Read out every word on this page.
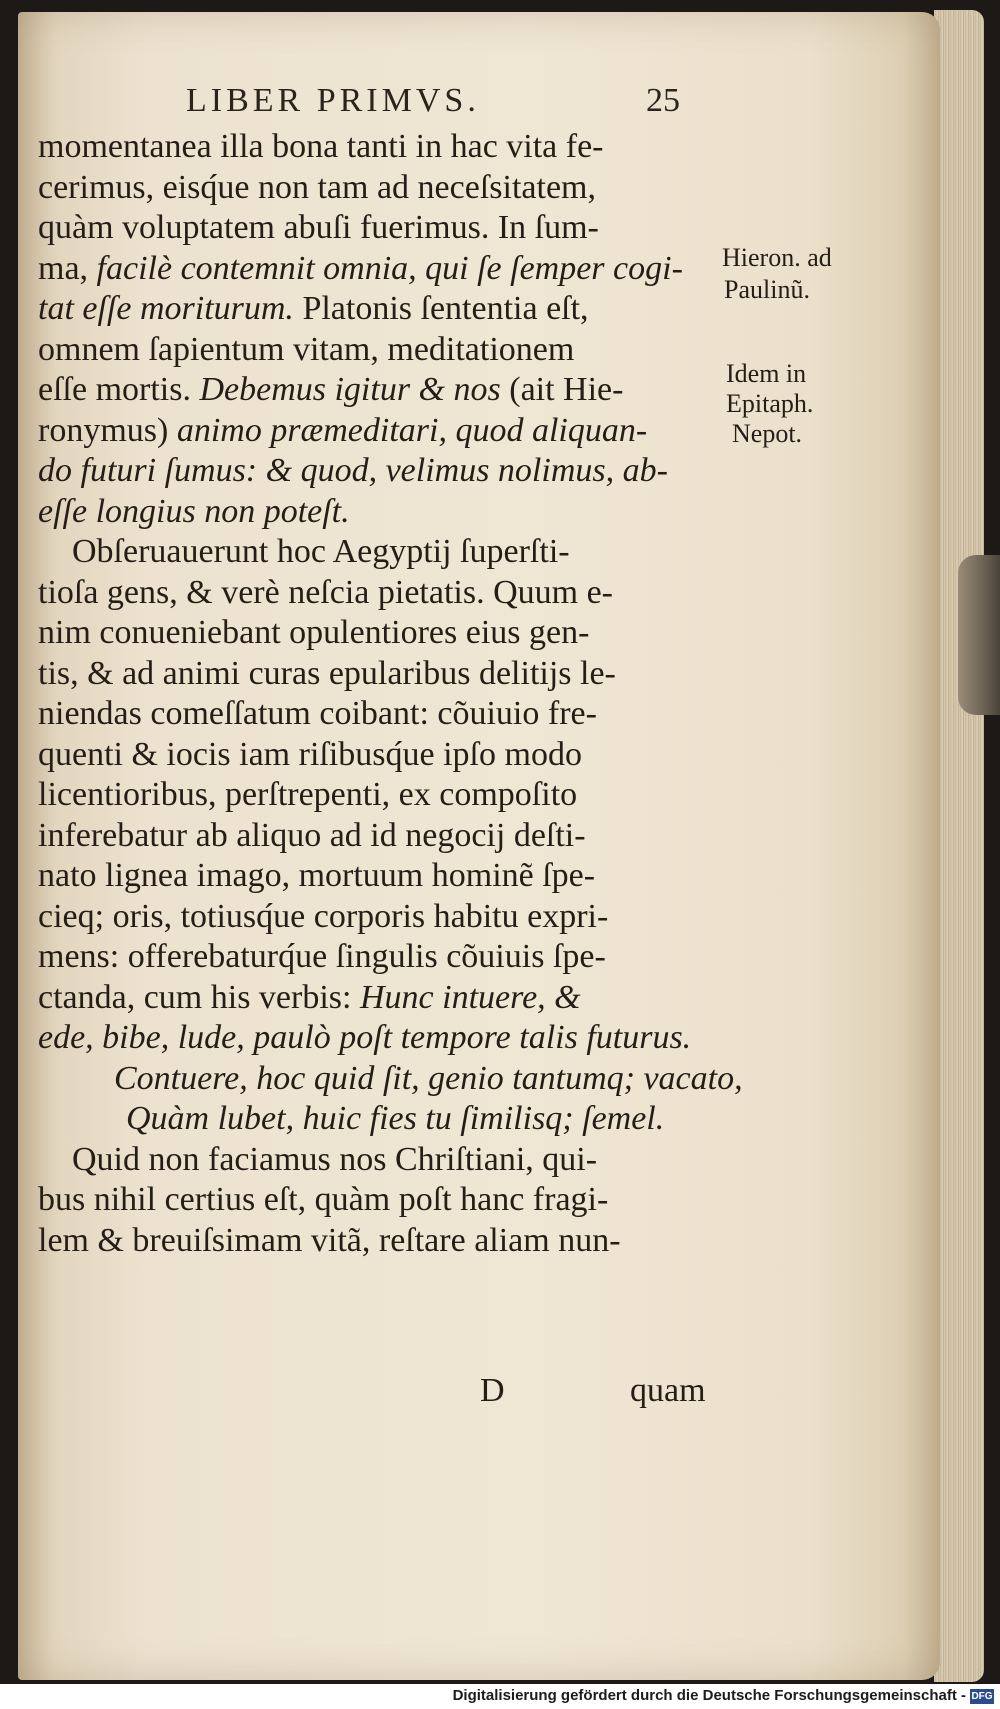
LIBER PRIMVS.	25
momentanea illa bona tanti in hac vita fe-
cerimus, eisq́ue non tam ad neceſsitatem,
quàm voluptatem abuſi fuerimus. In ſum-
ma, facilè contemnit omnia, qui ſe ſemper cogi-
tat eſſe moriturum. Platonis ſententia eſt,
omnem ſapientum vitam, meditationem
eſſe mortis. Debemus igitur & nos (ait Hie-
ronymus) animo præmeditari, quod aliquan-
do futuri ſumus: & quod, velimus nolimus, ab-
eſſe longius non poteſt.
Obſeruauerunt hoc Aegyptij ſuperſti-
tioſa gens, & verè neſcia pietatis. Quum e-
nim conueniebant opulentiores eius gen-
tis, & ad animi curas epularibus delitijs le-
niendas comeſſatum coibant: cõuiuio fre-
quenti & iocis iam riſibusq́ue ipſo modo
licentioribus, perſtrepenti, ex compoſito
inferebatur ab aliquo ad id negocij deſti-
nato lignea imago, mortuum hominẽ ſpe-
cieq; oris, totiusq́ue corporis habitu expri-
mens: offerebaturq́ue ſingulis cõuiuis ſpe-
ctanda, cum his verbis: Hunc intuere, &
ede, bibe, lude, paulò poſt tempore talis futurus.
Contuere, hoc quid ſit, genio tantumq; vacato,
Quàm lubet, huic fies tu ſimilisq; ſemel.
Quid non faciamus nos Chriſtiani, qui-
bus nihil certius eſt, quàm poſt hanc fragi-
lem & breuiſsimam vitã, reſtare aliam nun-
Hieron. ad
Paulinũ.
Idem in
Epitaph.
Nepot.
D	quam
Digitalisierung gefördert durch die Deutsche Forschungsgemeinschaft - DFG
